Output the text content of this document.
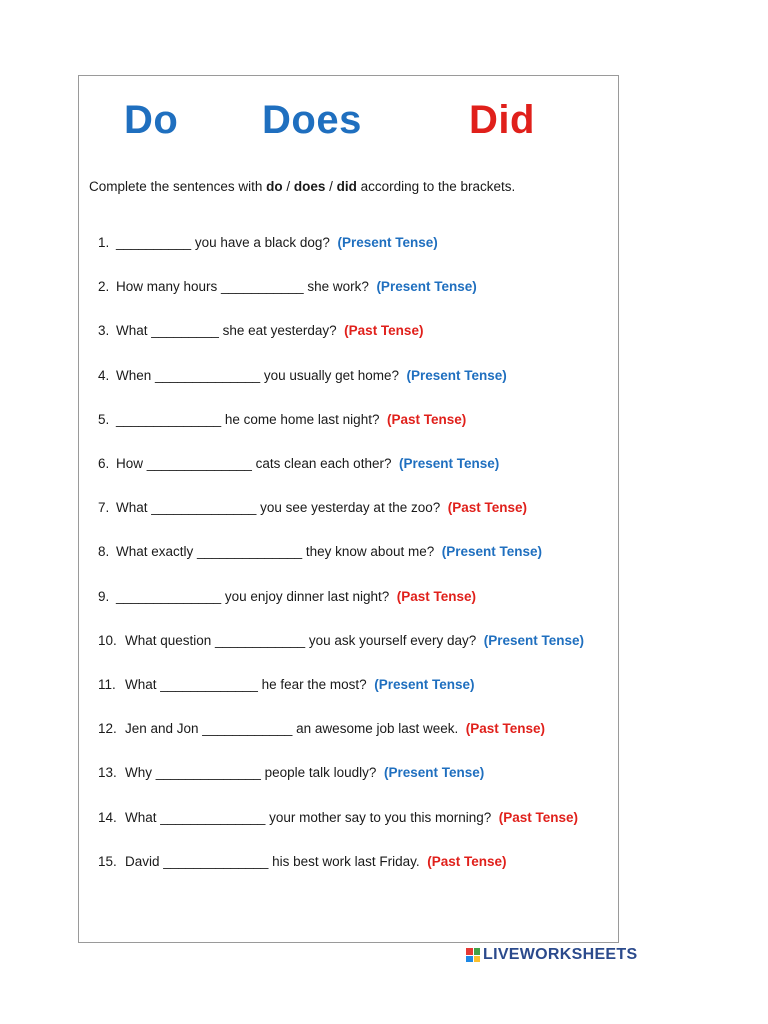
Do Does	Did
Complete the sentences with do / does / did according to the brackets.
1. __________ you have a black dog? (Present Tense)
2. How many hours ___________ she work? (Present Tense)
3. What _________ she eat yesterday? (Past Tense)
4. When ______________ you usually get home? (Present Tense)
5. ______________ he come home last night? (Past Tense)
6. How ______________ cats clean each other? (Present Tense)
7. What ______________ you see yesterday at the zoo? (Past Tense)
8. What exactly ______________ they know about me? (Present Tense)
9. ______________ you enjoy dinner last night? (Past Tense)
10. What question ____________ you ask yourself every day? (Present Tense)
11. What _____________ he fear the most? (Present Tense)
12. Jen and Jon ____________ an awesome job last week. (Past Tense)
13. Why ______________ people talk loudly? (Present Tense)
14. What ______________ your mother say to you this morning? (Past Tense)
15. David ______________ his best work last Friday. (Past Tense)
LIVEWORKSHEETS
